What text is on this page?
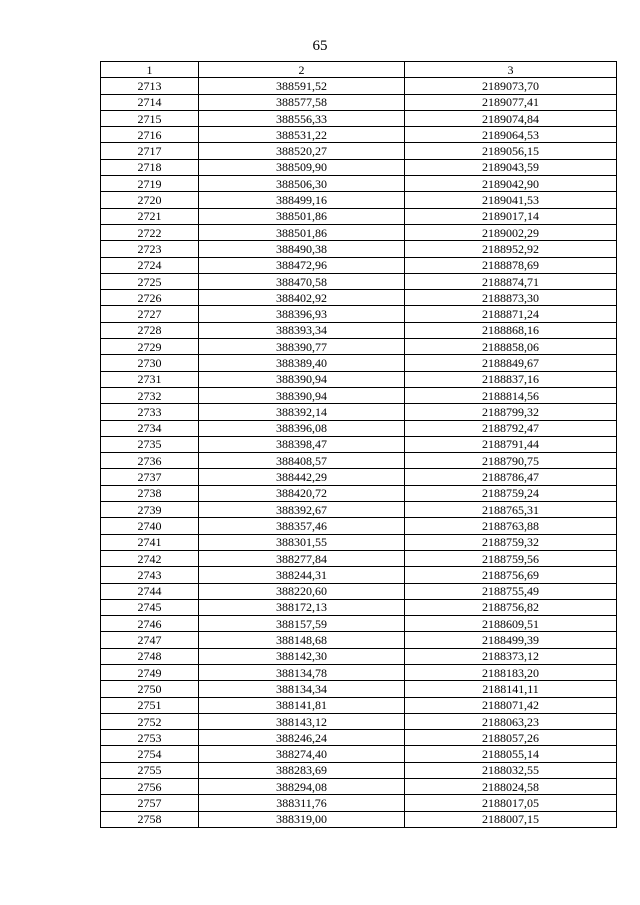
65
1	2	3
2713	388591,52	2189073,70
2714	388577,58	2189077,41
2715	388556,33	2189074,84
2716	388531,22	2189064,53
2717	388520,27	2189056,15
2718	388509,90	2189043,59
2719	388506,30	2189042,90
2720	388499,16	2189041,53
2721	388501,86	2189017,14
2722	388501,86	2189002,29
2723	388490,38	2188952,92
2724	388472,96	2188878,69
2725	388470,58	2188874,71
2726	388402,92	2188873,30
2727	388396,93	2188871,24
2728	388393,34	2188868,16
2729	388390,77	2188858,06
2730	388389,40	2188849,67
2731	388390,94	2188837,16
2732	388390,94	2188814,56
2733	388392,14	2188799,32
2734	388396,08	2188792,47
2735	388398,47	2188791,44
2736	388408,57	2188790,75
2737	388442,29	2188786,47
2738	388420,72	2188759,24
2739	388392,67	2188765,31
2740	388357,46	2188763,88
2741	388301,55	2188759,32
2742	388277,84	2188759,56
2743	388244,31	2188756,69
2744	388220,60	2188755,49
2745	388172,13	2188756,82
2746	388157,59	2188609,51
2747	388148,68	2188499,39
2748	388142,30	2188373,12
2749	388134,78	2188183,20
2750	388134,34	2188141,11
2751	388141,81	2188071,42
2752	388143,12	2188063,23
2753	388246,24	2188057,26
2754	388274,40	2188055,14
2755	388283,69	2188032,55
2756	388294,08	2188024,58
2757	388311,76	2188017,05
2758	388319,00	2188007,15
